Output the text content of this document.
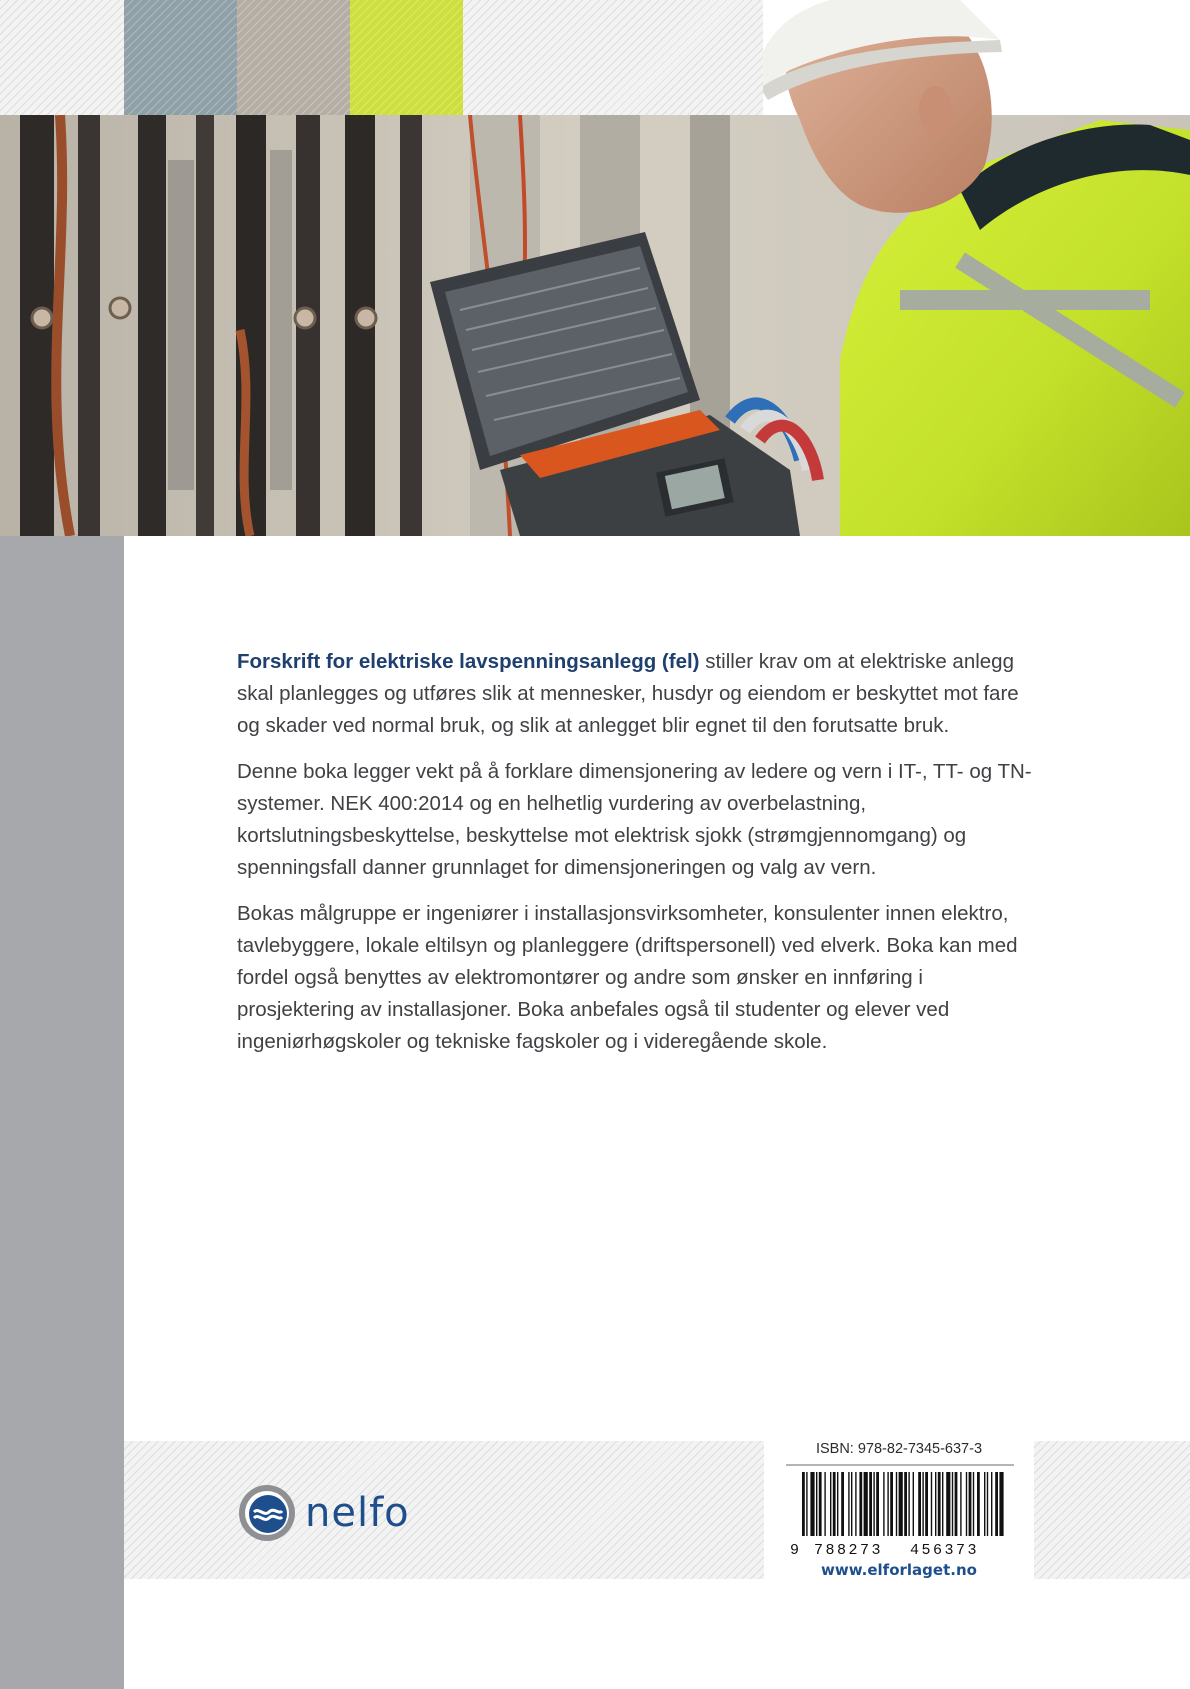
Forskrift for elektriske lavspenningsanlegg (fel) stiller krav om at elektriske anlegg skal planlegges og utføres slik at mennesker, husdyr og eiendom er beskyttet mot fare og skader ved normal bruk, og slik at anlegget blir egnet til den forutsatte bruk.

Denne boka legger vekt på å forklare dimensjonering av ledere og vern i IT-, TT- og TN-systemer. NEK 400:2014 og en helhetlig vurdering av overbelastning, kortslutningsbeskyttelse, beskyttelse mot elektrisk sjokk (strømgjennomgang) og spenningsfall danner grunnlaget for dimensjoneringen og valg av vern.

Bokas målgruppe er ingeniører i installasjonsvirksomheter, konsulenter innen elektro, tavlebyggere, lokale eltilsyn og planleggere (driftspersonell) ved elverk. Boka kan med fordel også benyttes av elektromontører og andre som ønsker en innføring i prosjektering av installasjoner. Boka anbefales også til studenter og elever ved ingeniørhøgskoler og tekniske fagskoler og i videregående skole.

nelfo
ISBN: 978-82-7345-637-3
9 788273 456373
www.elforlaget.no
